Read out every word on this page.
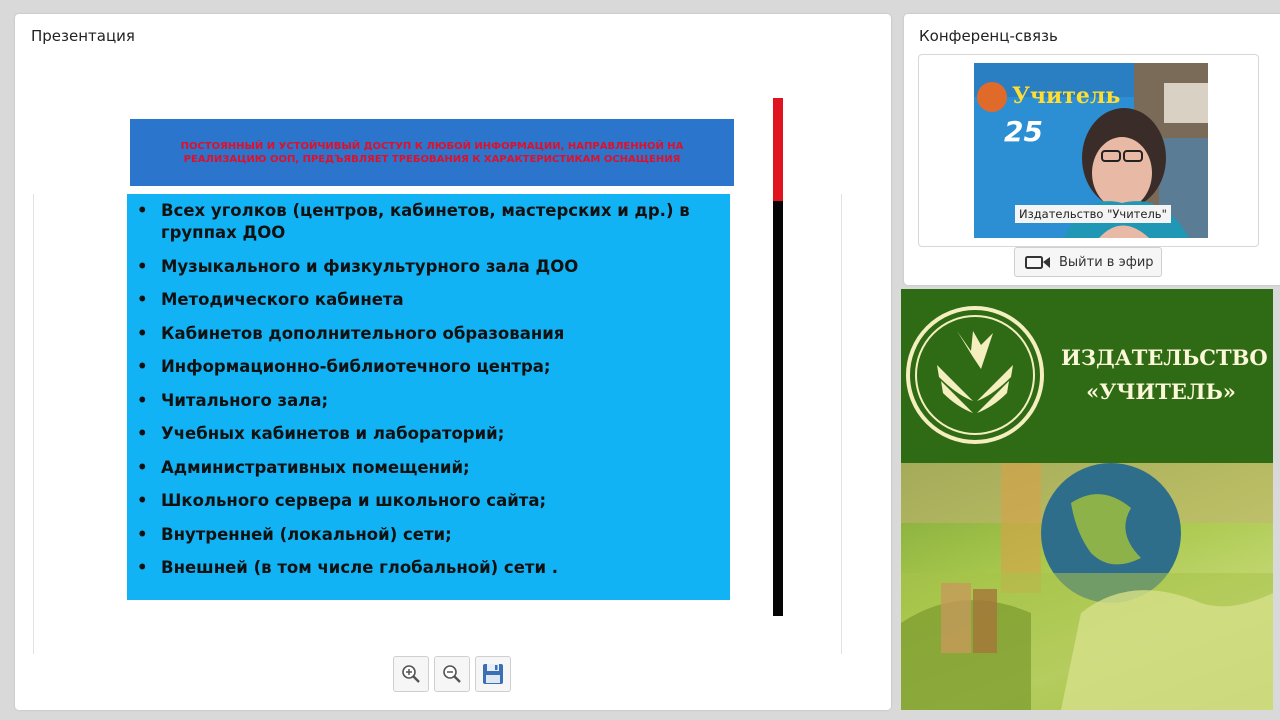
Презентация
ПОСТОЯННЫЙ И УСТОЙЧИВЫЙ ДОСТУП К ЛЮБОЙ ИНФОРМАЦИИ, НАПРАВЛЕННОЙ НА РЕАЛИЗАЦИЮ ООП, ПРЕДЪЯВЛЯЕТ ТРЕБОВАНИЯ К ХАРАКТЕРИСТИКАМ ОСНАЩЕНИЯ
• Всех уголков (центров, кабинетов, мастерских и др.) в группах ДОО
• Музыкального и физкультурного зала ДОО
• Методического кабинета
• Кабинетов дополнительного образования
• Информационно-библиотечного центра;
• Читального зала;
• Учебных кабинетов и лабораторий;
• Административных помещений;
• Школьного сервера и школьного сайта;
• Внутренней (локальной) сети;
• Внешней (в том числе глобальной) сети .
Конференц-связь
Учитель
25
Издательство "Учитель"
Выйти в эфир
ИЗДАТЕЛЬСТВО
«УЧИТЕЛЬ»
